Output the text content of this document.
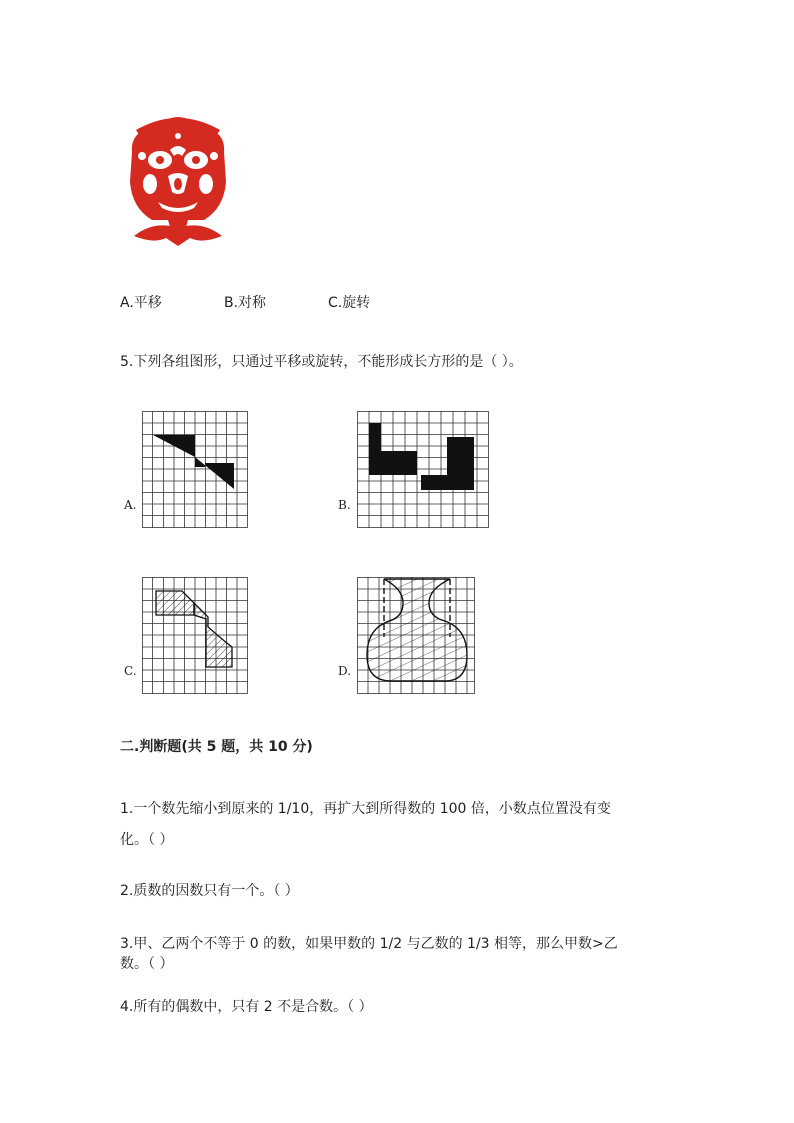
A.平移	B.对称	C.旋转
5.下列各组图形，只通过平移或旋转，不能形成长方形的是（ ）。
A.	B.
C.	D.
二.判断题(共 5 题，共 10 分)
1.一个数先缩小到原来的 1/10，再扩大到所得数的 100 倍，小数点位置没有变
化。（ ）
2.质数的因数只有一个。（ ）
3.甲、乙两个不等于 0 的数，如果甲数的 1/2 与乙数的 1/3 相等，那么甲数>乙
数。（ ）
4.所有的偶数中，只有 2 不是合数。（ ）
